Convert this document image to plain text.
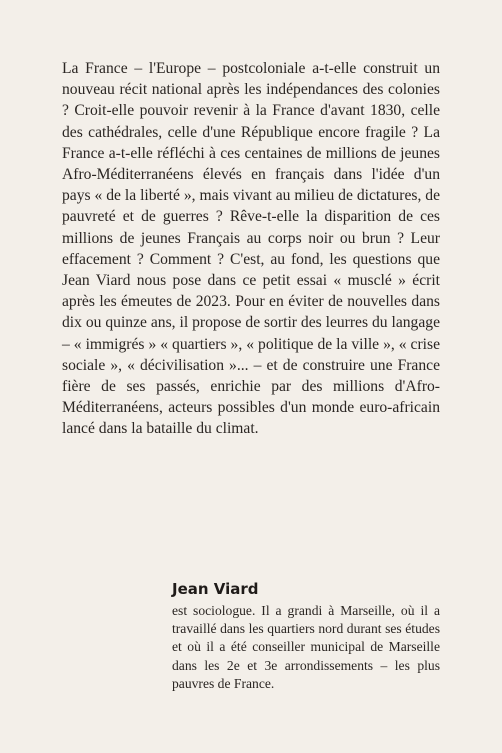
La France – l'Europe – postcoloniale a-t-elle construit un nouveau récit national après les indépendances des colonies ? Croit-elle pouvoir revenir à la France d'avant 1830, celle des cathédrales, celle d'une République encore fragile ? La France a-t-elle réfléchi à ces centaines de millions de jeunes Afro-Méditerranéens élevés en français dans l'idée d'un pays « de la liberté », mais vivant au milieu de dictatures, de pauvreté et de guerres ? Rêve-t-elle la disparition de ces millions de jeunes Français au corps noir ou brun ? Leur effacement ? Comment ? C'est, au fond, les questions que Jean Viard nous pose dans ce petit essai « musclé » écrit après les émeutes de 2023. Pour en éviter de nouvelles dans dix ou quinze ans, il propose de sortir des leurres du langage – « immigrés » « quartiers », « politique de la ville », « crise sociale », « décivilisation »... – et de construire une France fière de ses passés, enrichie par des millions d'Afro-Méditerranéens, acteurs possibles d'un monde euro-africain lancé dans la bataille du climat.

Jean Viard

est sociologue. Il a grandi à Marseille, où il a travaillé dans les quartiers nord durant ses études et où il a été conseiller municipal de Marseille dans les 2e et 3e arrondissements – les plus pauvres de France.
